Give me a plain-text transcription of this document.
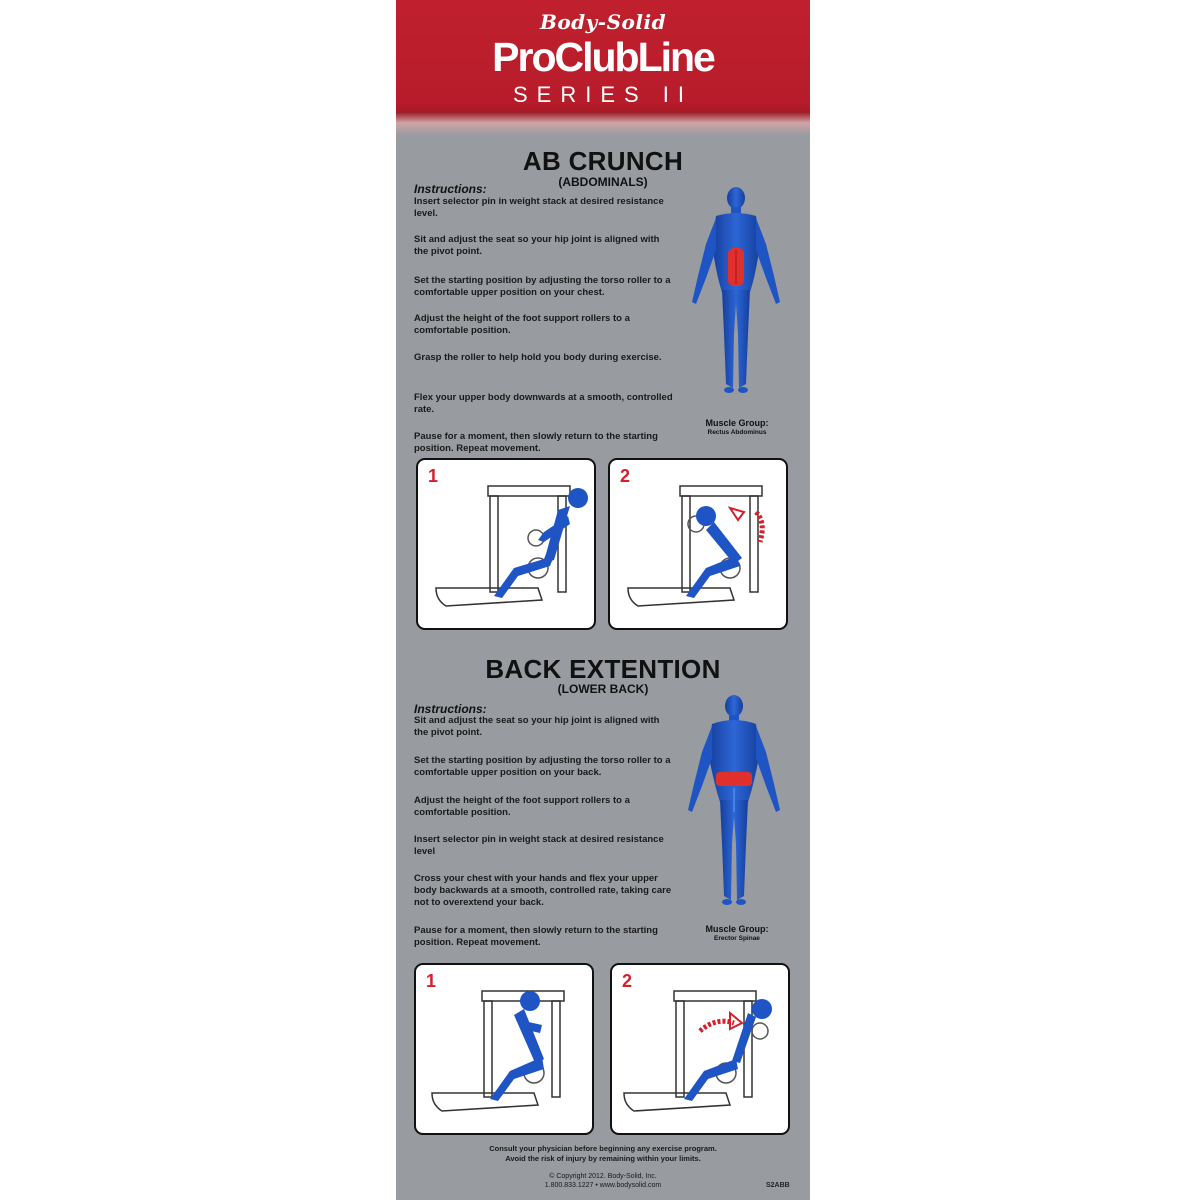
Body-Solid
ProClubLine
SERIES II
AB CRUNCH
(ABDOMINALS)
Instructions:
Insert selector pin in weight stack at desired resistance level.
Sit and adjust the seat so your hip joint is aligned with the pivot point.
Set the starting position by adjusting the torso roller to a comfortable upper position on your chest.
Adjust the height of the foot support rollers to a comfortable position.
Grasp the roller to help hold you body during exercise.
Flex your upper body downwards at a smooth, controlled rate.
Pause for a moment, then slowly return to the starting position. Repeat movement.
Muscle Group:
Rectus Abdominus
1	2
BACK EXTENTION
(LOWER BACK)
Instructions:
Sit and adjust the seat so your hip joint is aligned with the pivot point.
Set the starting position by adjusting the torso roller to a comfortable upper position on your back.
Adjust the height of the foot support rollers to a comfortable position.
Insert selector pin in weight stack at desired resistance level
Cross your chest with your hands and flex your upper body backwards at a smooth, controlled rate, taking care not to overextend your back.
Pause for a moment, then slowly return to the starting position. Repeat movement.
Muscle Group:
Erector Spinae
1	2
Consult your physician before beginning any exercise program.
Avoid the risk of injury by remaining within your limits.
© Copyright 2012. Body-Solid, Inc.
1.800.833.1227 • www.bodysolid.com	S2ABB
